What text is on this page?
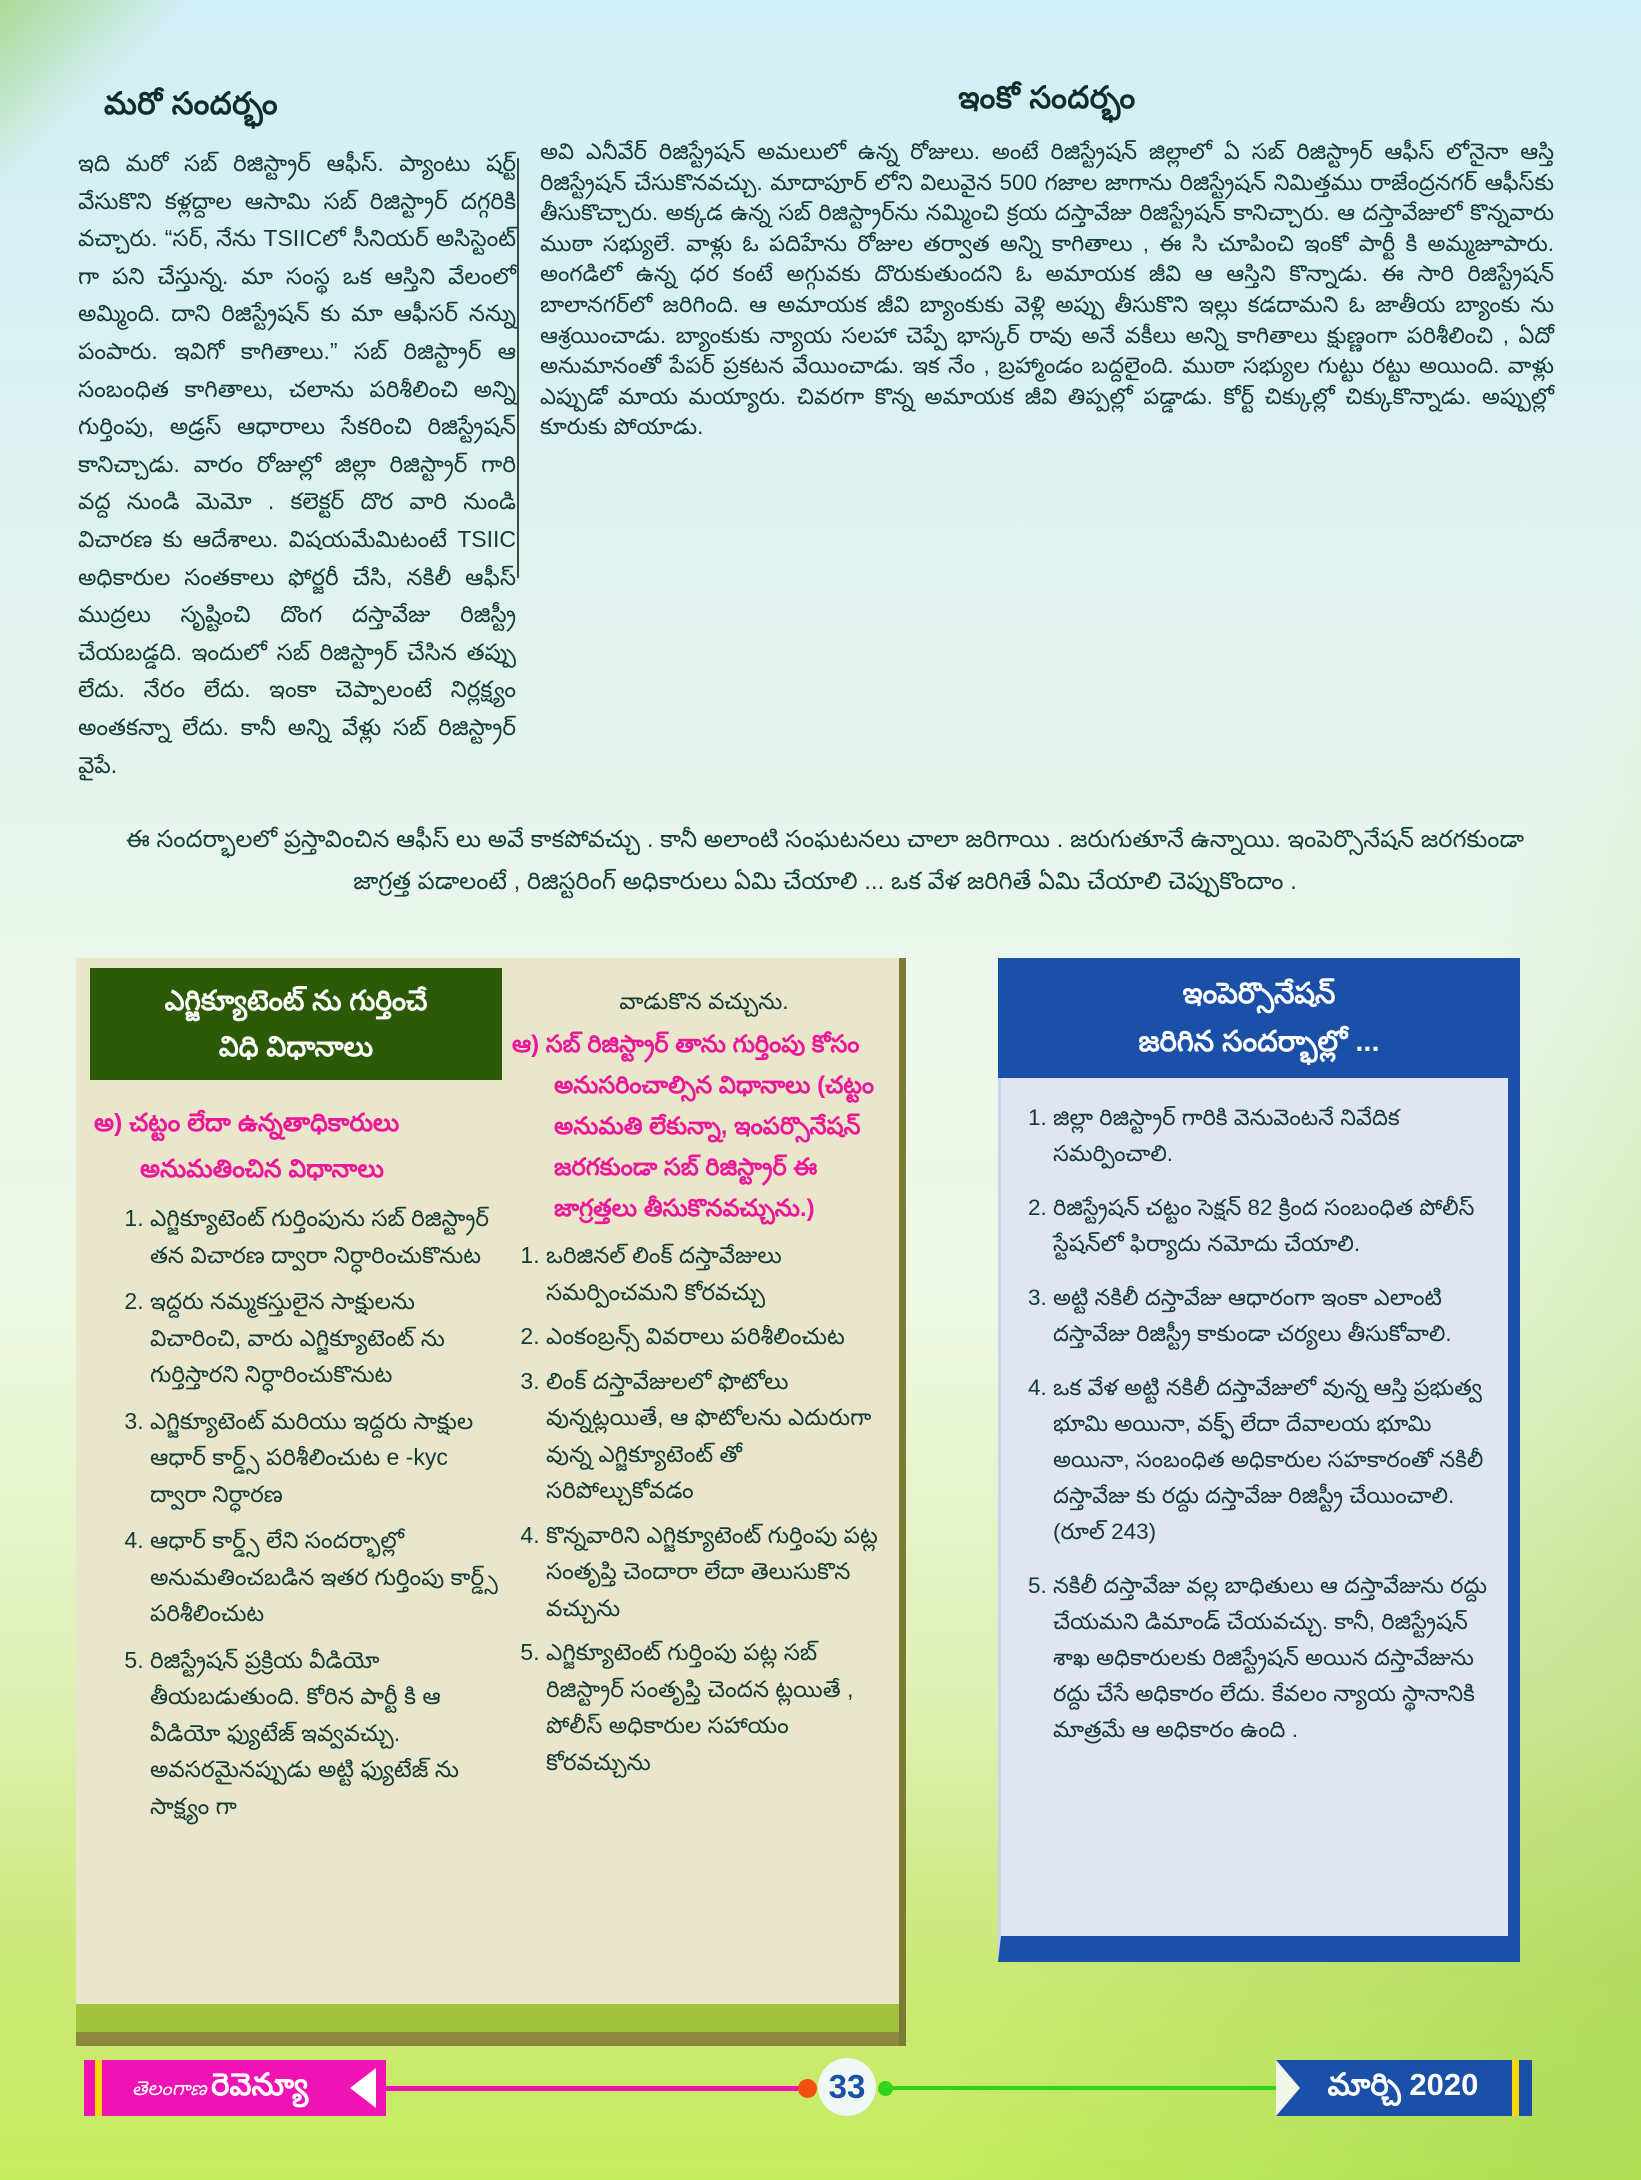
మరో సందర్భం

ఇది మరో సబ్ రిజిస్ట్రార్ ఆఫీస్. ప్యాంటు షర్ట్ వేసుకొని కళ్లద్దాల ఆసామి సబ్ రిజిస్ట్రార్ దగ్గరికి వచ్చారు. “సర్, నేను TSIICలో సీనియర్ అసిస్టెంట్ గా పని చేస్తున్న. మా సంస్థ ఒక ఆస్తిని వేలంలో అమ్మింది. దాని రిజిస్ట్రేషన్ కు మా ఆఫీసర్ నన్ను పంపారు. ఇవిగో కాగితాలు.” సబ్ రిజిస్ట్రార్ ఆ సంబంధిత కాగితాలు, చలాను పరిశీలించి అన్ని గుర్తింపు, అడ్రస్ ఆధారాలు సేకరించి రిజిస్ట్రేషన్ కానిచ్చాడు. వారం రోజుల్లో జిల్లా రిజిస్ట్రార్ గారి వద్ద నుండి మెమో . కలెక్టర్ దొర వారి నుండి విచారణ కు ఆదేశాలు. విషయమేమిటంటే TSIIC అధికారుల సంతకాలు ఫోర్జరీ చేసి, నకిలీ ఆఫీస్ ముద్రలు సృష్టించి దొంగ దస్తావేజు రిజిస్ట్రీ చేయబడ్డది. ఇందులో సబ్ రిజిస్ట్రార్ చేసిన తప్పు లేదు. నేరం లేదు. ఇంకా చెప్పాలంటే నిర్లక్ష్యం అంతకన్నా లేదు. కానీ అన్ని వేళ్లు సబ్ రిజిస్ట్రార్ వైపే.

ఇంకో సందర్భం

అవి ఎనీవేర్ రిజిస్ట్రేషన్ అమలులో ఉన్న రోజులు. అంటే రిజిస్ట్రేషన్ జిల్లాలో ఏ సబ్ రిజిస్ట్రార్ ఆఫీస్ లోనైనా ఆస్తి రిజిస్ట్రేషన్ చేసుకొనవచ్చు. మాదాపూర్ లోని విలువైన 500 గజాల జాగాను రిజిస్ట్రేషన్ నిమిత్తము రాజేంద్రనగర్ ఆఫీస్‌కు తీసుకొచ్చారు. అక్కడ ఉన్న సబ్ రిజిస్ట్రార్‌ను నమ్మించి క్రయ దస్తావేజు రిజిస్ట్రేషన్ కానిచ్చారు. ఆ దస్తావేజులో కొన్నవారు ముఠా సభ్యులే. వాళ్లు ఓ పదిహేను రోజుల తర్వాత అన్ని కాగితాలు , ఈ సి చూపించి ఇంకో పార్టీ కి అమ్మజూపారు. అంగడిలో ఉన్న ధర కంటే అగ్గువకు దొరుకుతుందని ఓ అమాయక జీవి ఆ ఆస్తిని కొన్నాడు. ఈ సారి రిజిస్ట్రేషన్ బాలానగర్‌లో జరిగింది. ఆ అమాయక జీవి బ్యాంకుకు వెళ్లి అప్పు తీసుకొని ఇల్లు కడదామని ఓ జాతీయ బ్యాంకు ను ఆశ్రయించాడు. బ్యాంకుకు న్యాయ సలహా చెప్పే భాస్కర్ రావు అనే వకీలు అన్ని కాగితాలు క్షుణ్ణంగా పరిశీలించి , ఏదో అనుమానంతో పేపర్ ప్రకటన వేయించాడు. ఇక నేం , బ్రహ్మాండం బద్దలైంది. ముఠా సభ్యుల గుట్టు రట్టు అయింది. వాళ్లు ఎప్పుడో మాయ మయ్యారు. చివరగా కొన్న అమాయక జీవి తిప్పల్లో పడ్డాడు. కోర్ట్ చిక్కుల్లో చిక్కుకొన్నాడు. అప్పుల్లో కూరుకు పోయాడు.

ఈ సందర్భాలలో ప్రస్తావించిన ఆఫీస్ లు అవే కాకపోవచ్చు . కానీ అలాంటి సంఘటనలు చాలా జరిగాయి . జరుగుతూనే ఉన్నాయి. ఇంపెర్సొనేషన్ జరగకుండా జాగ్రత్త పడాలంటే , రిజిస్టరింగ్ అధికారులు ఏమి చేయాలి ... ఒక వేళ జరిగితే ఏమి చేయాలి చెప్పుకొందాం .

ఎగ్జిక్యూటెంట్ ను గుర్తించే
విధి విధానాలు
అ) చట్టం లేదా ఉన్నతాధికారులు అనుమతించిన విధానాలు
1. ఎగ్జిక్యూటెంట్ గుర్తింపును సబ్ రిజిస్ట్రార్ తన విచారణ ద్వారా నిర్ధారించుకొనుట
2. ఇద్దరు నమ్మకస్తులైన సాక్షులను విచారించి, వారు ఎగ్జిక్యూటెంట్ ను గుర్తిస్తారని నిర్ధారించుకొనుట
3. ఎగ్జిక్యూటెంట్ మరియు ఇద్దరు సాక్షుల ఆధార్ కార్డ్స్ పరిశీలించుట e -kyc ద్వారా నిర్ధారణ
4. ఆధార్ కార్డ్స్ లేని సందర్భాల్లో అనుమతించబడిన ఇతర గుర్తింపు కార్డ్స్ పరిశీలించుట
5. రిజిస్ట్రేషన్ ప్రక్రియ వీడియో తీయబడుతుంది. కోరిన పార్టీ కి ఆ వీడియో ఫ్యుటేజ్ ఇవ్వవచ్చు. అవసరమైనప్పుడు అట్టి ఫ్యుటేజ్ ను సాక్ష్యం గా
వాడుకొన వచ్చును.
ఆ) సబ్ రిజిస్ట్రార్ తాను గుర్తింపు కోసం అనుసరించాల్సిన విధానాలు (చట్టం అనుమతి లేకున్నా, ఇంపర్సొనేషన్ జరగకుండా సబ్ రిజిస్ట్రార్ ఈ జాగ్రత్తలు తీసుకొనవచ్చును.)
1. ఒరిజినల్ లింక్ దస్తావేజులు సమర్పించమని కోరవచ్చు
2. ఎంకంబ్రన్స్ వివరాలు పరిశీలించుట
3. లింక్ దస్తావేజులలో ఫొటోలు వున్నట్లయితే, ఆ ఫొటోలను ఎదురుగా వున్న ఎగ్జిక్యూటెంట్ తో సరిపోల్చుకోవడం
4. కొన్నవారిని ఎగ్జిక్యూటెంట్ గుర్తింపు పట్ల సంతృప్తి చెందారా లేదా తెలుసుకొన వచ్చును
5. ఎగ్జిక్యూటెంట్ గుర్తింపు పట్ల సబ్ రిజిస్ట్రార్ సంతృప్తి చెందన ట్లయితే , పోలీస్ అధికారుల సహాయం కోరవచ్చును
ఇంపెర్సొనేషన్
జరిగిన సందర్భాల్లో ...
1. జిల్లా రిజిస్ట్రార్ గారికి వెనువెంటనే నివేదిక సమర్పించాలి.
2. రిజిస్ట్రేషన్ చట్టం సెక్షన్ 82 క్రింద సంబంధిత పోలీస్ స్టేషన్‌లో ఫిర్యాదు నమోదు చేయాలి.
3. అట్టి నకిలీ దస్తావేజు ఆధారంగా ఇంకా ఎలాంటి దస్తావేజు రిజిస్ట్రీ కాకుండా చర్యలు తీసుకోవాలి.
4. ఒక వేళ అట్టి నకిలీ దస్తావేజులో వున్న ఆస్తి ప్రభుత్వ భూమి అయినా, వక్ఫ్ లేదా దేవాలయ భూమి అయినా, సంబంధిత అధికారుల సహకారంతో నకిలీ దస్తావేజు కు రద్దు దస్తావేజు రిజిస్ట్రీ చేయించాలి. (రూల్ 243)
5. నకిలీ దస్తావేజు వల్ల బాధితులు ఆ దస్తావేజును రద్దు చేయమని డిమాండ్ చేయవచ్చు. కానీ, రిజిస్ట్రేషన్ శాఖ అధికారులకు రిజిస్ట్రేషన్ అయిన దస్తావేజును రద్దు చేసే అధికారం లేదు. కేవలం న్యాయ స్థానానికి మాత్రమే ఆ అధికారం ఉంది .
తెలంగాణ రెవెన్యూ	33	మార్చి 2020
